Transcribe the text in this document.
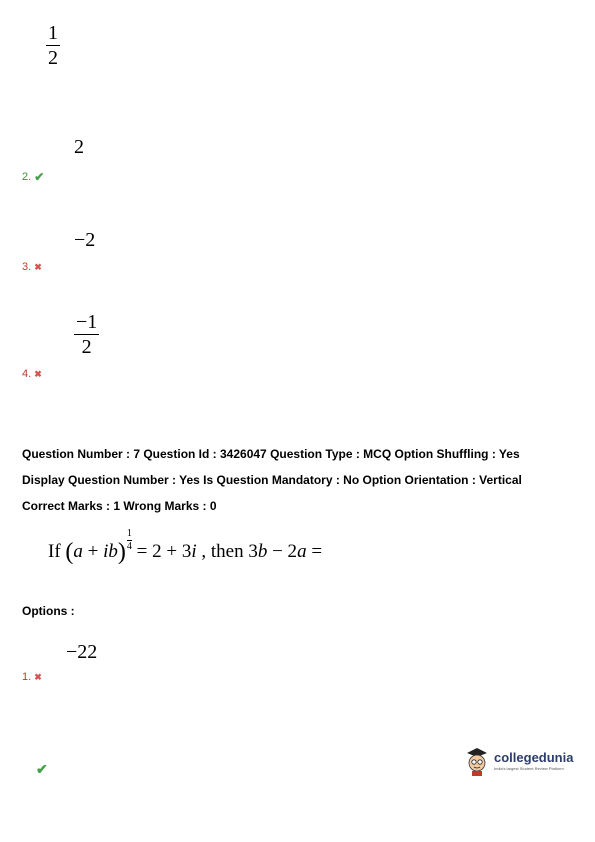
$\frac{1}{2}$
2
2. ✔
−2
3. ✖
$\frac{-1}{2}$
4. ✖
Question Number : 7 Question Id : 3426047 Question Type : MCQ Option Shuffling : Yes
Display Question Number : Yes Is Question Mandatory : No Option Orientation : Vertical
Correct Marks : 1 Wrong Marks : 0
If
( a + ib ) $\frac{1}{4} = 2 + 3$ i , then 3 b − 2 a =
Options :
−22
1. ✖
✔
collegedunia
India's largest Student Review Platform
